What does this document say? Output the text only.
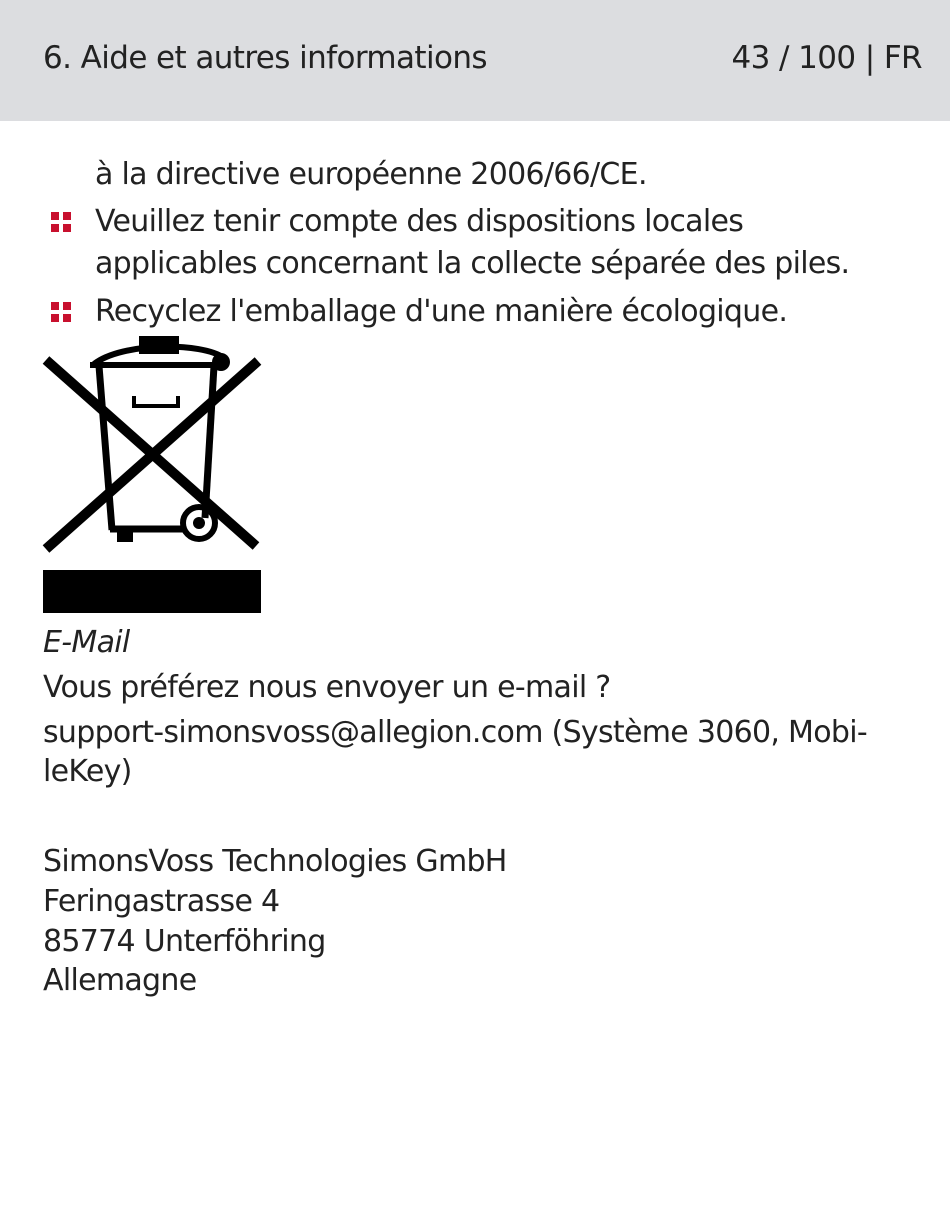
6. Aide et autres informations	43 / 100 | FR
à la directive européenne 2006/66/CE.
Veuillez tenir compte des dispositions locales
applicables concernant la collecte séparée des piles.
Recyclez l'emballage d'une manière écologique.
E-Mail
Vous préférez nous envoyer un e-mail ?
support-simonsvoss@allegion.com (Système 3060, Mobi-
leKey)
SimonsVoss Technologies GmbH
Feringastrasse 4
85774 Unterföhring
Allemagne
